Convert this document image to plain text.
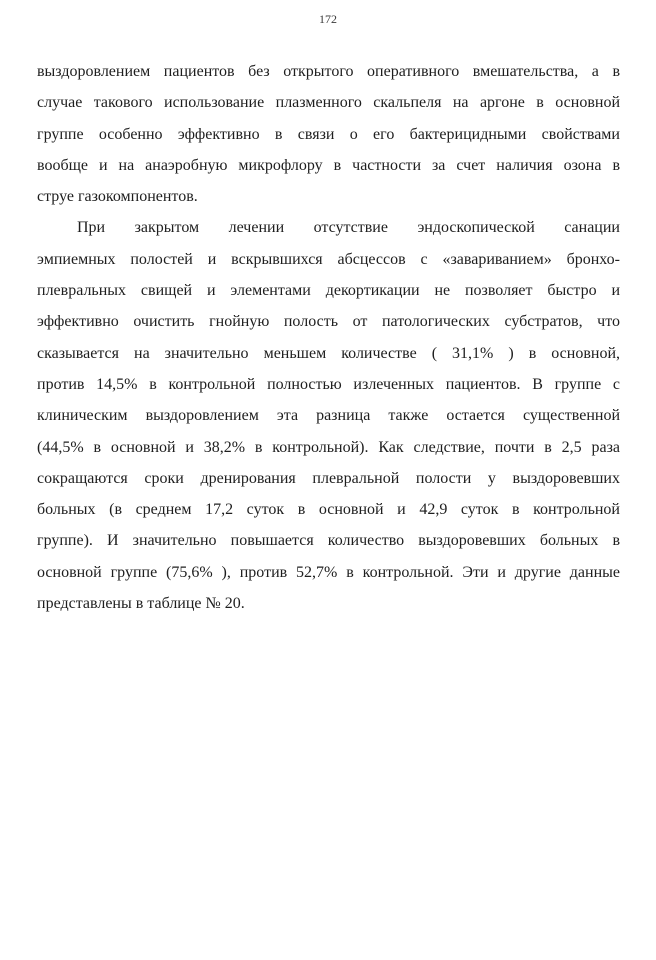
172
выздоровлением пациентов без открытого оперативного вмешательства, а в
случае такового использование плазменного скальпеля на аргоне в основной
группе особенно эффективно в связи о его бактерицидными свойствами
вообще и на анаэробную микрофлору в частности за счет наличия озона в
струе газокомпонентов.
При закрытом лечении отсутствие эндоскопической санации
эмпиемных полостей и вскрывшихся абсцессов с «завариванием» бронхо-
плевральных свищей и элементами декортикации не позволяет быстро и
эффективно очистить гнойную полость от патологических субстратов, что
сказывается на значительно меньшем количестве ( 31,1% ) в основной,
против 14,5% в контрольной полностью излеченных пациентов. В группе с
клиническим выздоровлением эта разница также остается существенной
(44,5% в основной и 38,2% в контрольной). Как следствие, почти в 2,5 раза
сокращаются сроки дренирования плевральной полости у выздоровевших
больных (в среднем 17,2 суток в основной и 42,9 суток в контрольной
группе). И значительно повышается количество выздоровевших больных в
основной группе (75,6% ), против 52,7% в контрольной. Эти и другие данные
представлены в таблице № 20.
